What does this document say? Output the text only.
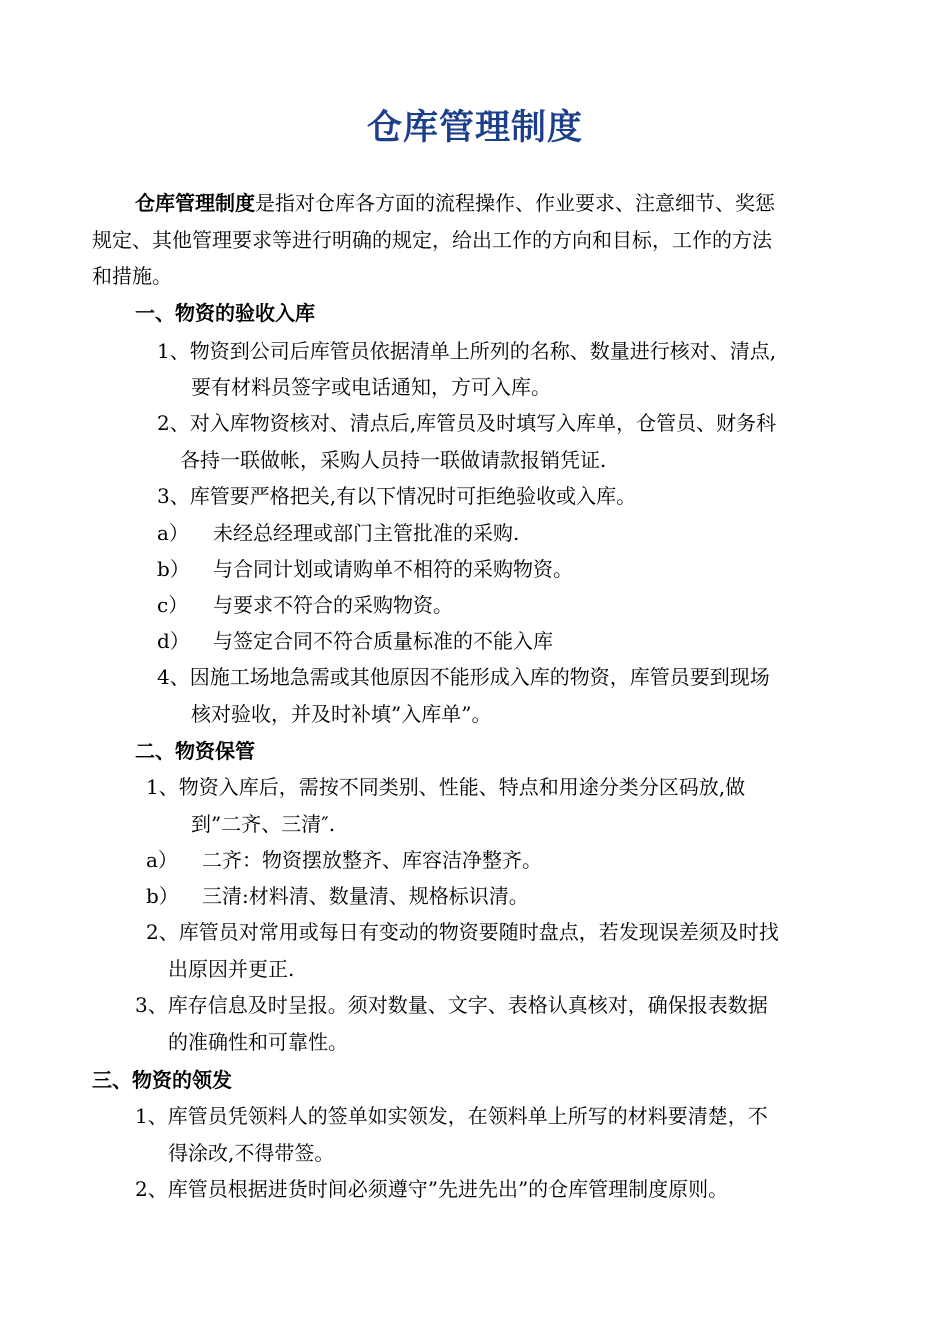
仓库管理制度
仓库管理制度是指对仓库各方面的流程操作、作业要求、注意细节、奖惩
规定、其他管理要求等进行明确的规定，给出工作的方向和目标，工作的方法
和措施。
一、物资的验收入库
1、物资到公司后库管员依据清单上所列的名称、数量进行核对、清点,
要有材料员签字或电话通知，方可入库。
2、对入库物资核对、清点后,库管员及时填写入库单，仓管员、财务科
各持一联做帐，采购人员持一联做请款报销凭证.
3、库管要严格把关,有以下情况时可拒绝验收或入库。
a） 未经总经理或部门主管批准的采购.
b） 与合同计划或请购单不相符的采购物资。
c） 与要求不符合的采购物资。
d） 与签定合同不符合质量标准的不能入库
4、因施工场地急需或其他原因不能形成入库的物资，库管员要到现场
核对验收，并及时补填”入库单”。
二、物资保管
1、物资入库后，需按不同类别、性能、特点和用途分类分区码放,做
到”二齐、三清″.
a） 二齐：物资摆放整齐、库容洁净整齐。
b） 三清:材料清、数量清、规格标识清。
2、库管员对常用或每日有变动的物资要随时盘点，若发现误差须及时找
出原因并更正.
3、库存信息及时呈报。须对数量、文字、表格认真核对，确保报表数据
的准确性和可靠性。
三、物资的领发
1、库管员凭领料人的签单如实领发，在领料单上所写的材料要清楚，不
得涂改,不得带签。
2、库管员根据进货时间必须遵守”先进先出”的仓库管理制度原则。
